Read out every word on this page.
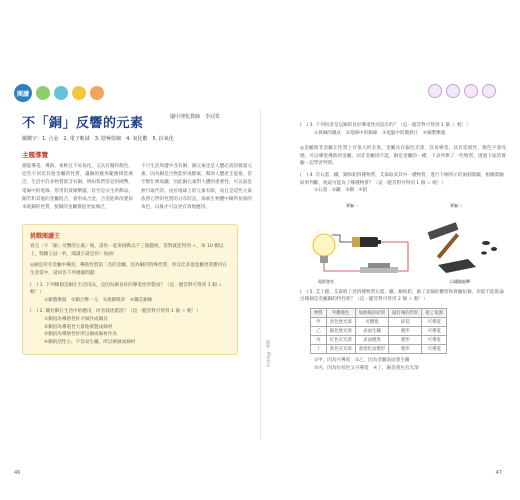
閱讀
不「銅」反響的元素
關鍵字：1. 合金　2. 電子軌域　3. 陰極射線　4. 氧化數　5. 抗氧化
主題導覽
銅能導電、導熱、柔軟且不易氧化，又具有獨特顏色，這些不同於其他金屬的性質，讓銅的應用範圍相當廣泛。生活中許多物質都含有銅，例如我們常見的硬幣、電線中的電線、常用的黃銅樂器，甚至是女生的飾品。銅若和其他的金屬混合，會形成合金，合金能夠改變原本純銅的性質，使銅的金屬價值更加廣泛。
不只生活周遭中含有銅，銅元素也是人體必需的微量元素，因為銅是合物能形成酵素，幫助人體產生能量，甚至幫忙吸收鐵。因此銅元素對人體的重要性，可以說是無可取代的。由於地球上的元素有限，而且是這些元素依照它們的性質的分布狀況，探索生物體中銅所扮演的角色，以後才可以更有效地應用。
挑戰閱讀王
看完〈不「銅」反響的元素〉後，請你一起來挑戰以下三個題組。答對就能得到 ☆，每 10 顆以上，獎勵王冠一枚，閱讀王就是你！加油！
◎銅是所有金屬中導電、導熱性質第二名的金屬，因為銅的特殊性質，所以比其他金屬更常應用在生活當中，請回答下列幾個問題：
(　) 1. 下列哪個是銅在生活用品，是因為銅良好的導電性所製成？（這一題答對可得到 1 個 ☆ 喔！）
①銅製樂器　②銅合幣一元　③黃銅獎章　④鋼芯銅絲
(　) 2. 關於銅在生活中的應用，何者敘述錯誤？（這一題答對可得到 1 個 ☆ 喔！）
①銅因為導熱性好才做作成鍋具
②銅因為導電性大量地被製成線材
③銅因為導熱性好所以做成線材作為
④銅的活性小，不容易生鏽，所以被做成線材
國中理化教師　李冠峯
46
能源・Physics
(　) 3. 下列何者是以銅的良好導電性而設計的？（這一題答對可得到 1 個 ☆ 喔！）
①黃銅的鍋具　②電線中的銅線　③電腦中的散熱片　④銅製樂器
◎金屬與非金屬在性質上有很大的差異，金屬具有銀色光澤，容易導電、具有延展性、顏色不會改變、可以導電導熱的金屬，而非金屬則不能，銅是金屬的一種，下表列舉了一些物質，透過下面的實驗一起學習判別。
(　) 4. 有石墨、鐵、銅和鋁四種物質，艾森取來其中一種物質，進行下圖所示的兩個實驗，根據實驗結果判斷，他最可能為了哪種物質？（這一題答對可得到 1 個 ☆ 喔！）
①石墨　②鐵　③銅　④鋁
實驗一	實驗二
電燈發亮	以鐵鎚敲擊
(　) 5. 艾上題，艾森將上述四種物質石墨、鐵、銅和鋁，做了詳細的觀察和實驗紀錄，你能不能推論出哪個是金屬銅的特性呢？（這一題答對可得到 2 個 ☆ 喔！）
物質	外觀顏色	加熱後的結果	敲打後的形狀	接上電源
甲	黑色無光澤	可燃燒	碎裂	可導電
乙	銀色無光澤	表面生鏽	變形	可導電
丙	紅色有光澤	表面變黑	變形	可導電
丁	黃色有光澤	會熔化而變形	變形	可導電
①甲，因為可導電　②乙，因為金屬表面會生鏽
③丙，因為紅棕色又可導電　④丁，銅是黃色有光澤
47
